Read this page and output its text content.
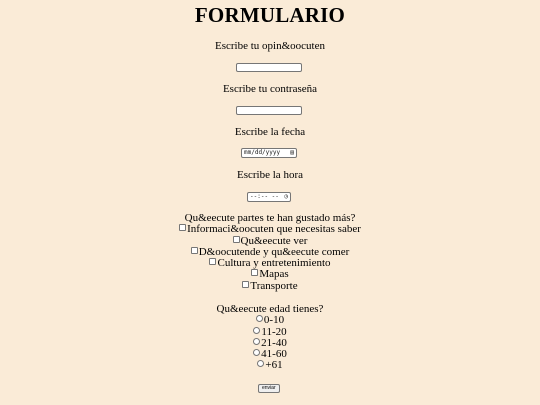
FORMULARIO
Escribe tu opin&oocuten
Escribe tu contraseña
Escribe la fecha
mm/dd/yyyy ▤
Escribe la hora
--:-- -- ◷
Qu&eecute partes te han gustado más?
Informaci&oocuten que necesitas saber
Qu&eecute ver
D&oocutende y qu&eecute comer
Cultura y entretenimiento
Mapas
Transporte
Qu&eecute edad tienes?
0-10
11-20
21-40
41-60
+61
enviar
